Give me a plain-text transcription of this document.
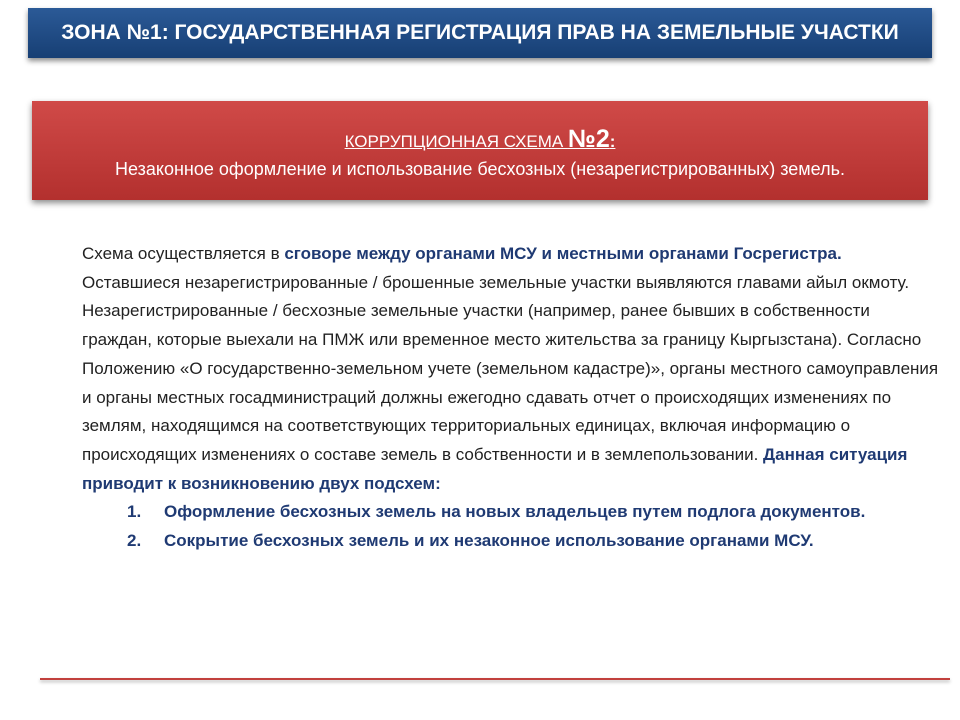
ЗОНА №1: ГОСУДАРСТВЕННАЯ РЕГИСТРАЦИЯ ПРАВ НА ЗЕМЕЛЬНЫЕ УЧАСТКИ
КОРРУПЦИОННАЯ СХЕМА №2:
Незаконное оформление и использование бесхозных (незарегистрированных) земель.

Схема осуществляется в сговоре между органами МСУ и местными органами Госрегистра. Оставшиеся незарегистрированные / брошенные земельные участки выявляются главами айыл окмоту. Незарегистрированные / бесхозные земельные участки (например, ранее бывших в собственности граждан, которые выехали на ПМЖ или временное место жительства за границу Кыргызстана). Согласно Положению «О государственно-земельном учете (земельном кадастре)», органы местного самоуправления и органы местных госадминистраций должны ежегодно сдавать отчет о происходящих изменениях по землям, находящимся на соответствующих территориальных единицах, включая информацию о происходящих изменениях о составе земель в собственности и в землепользовании. Данная ситуация приводит к возникновению двух подсхем:

1. Оформление бесхозных земель на новых владельцев путем подлога документов.
2. Сокрытие бесхозных земель и их незаконное использование органами МСУ.
